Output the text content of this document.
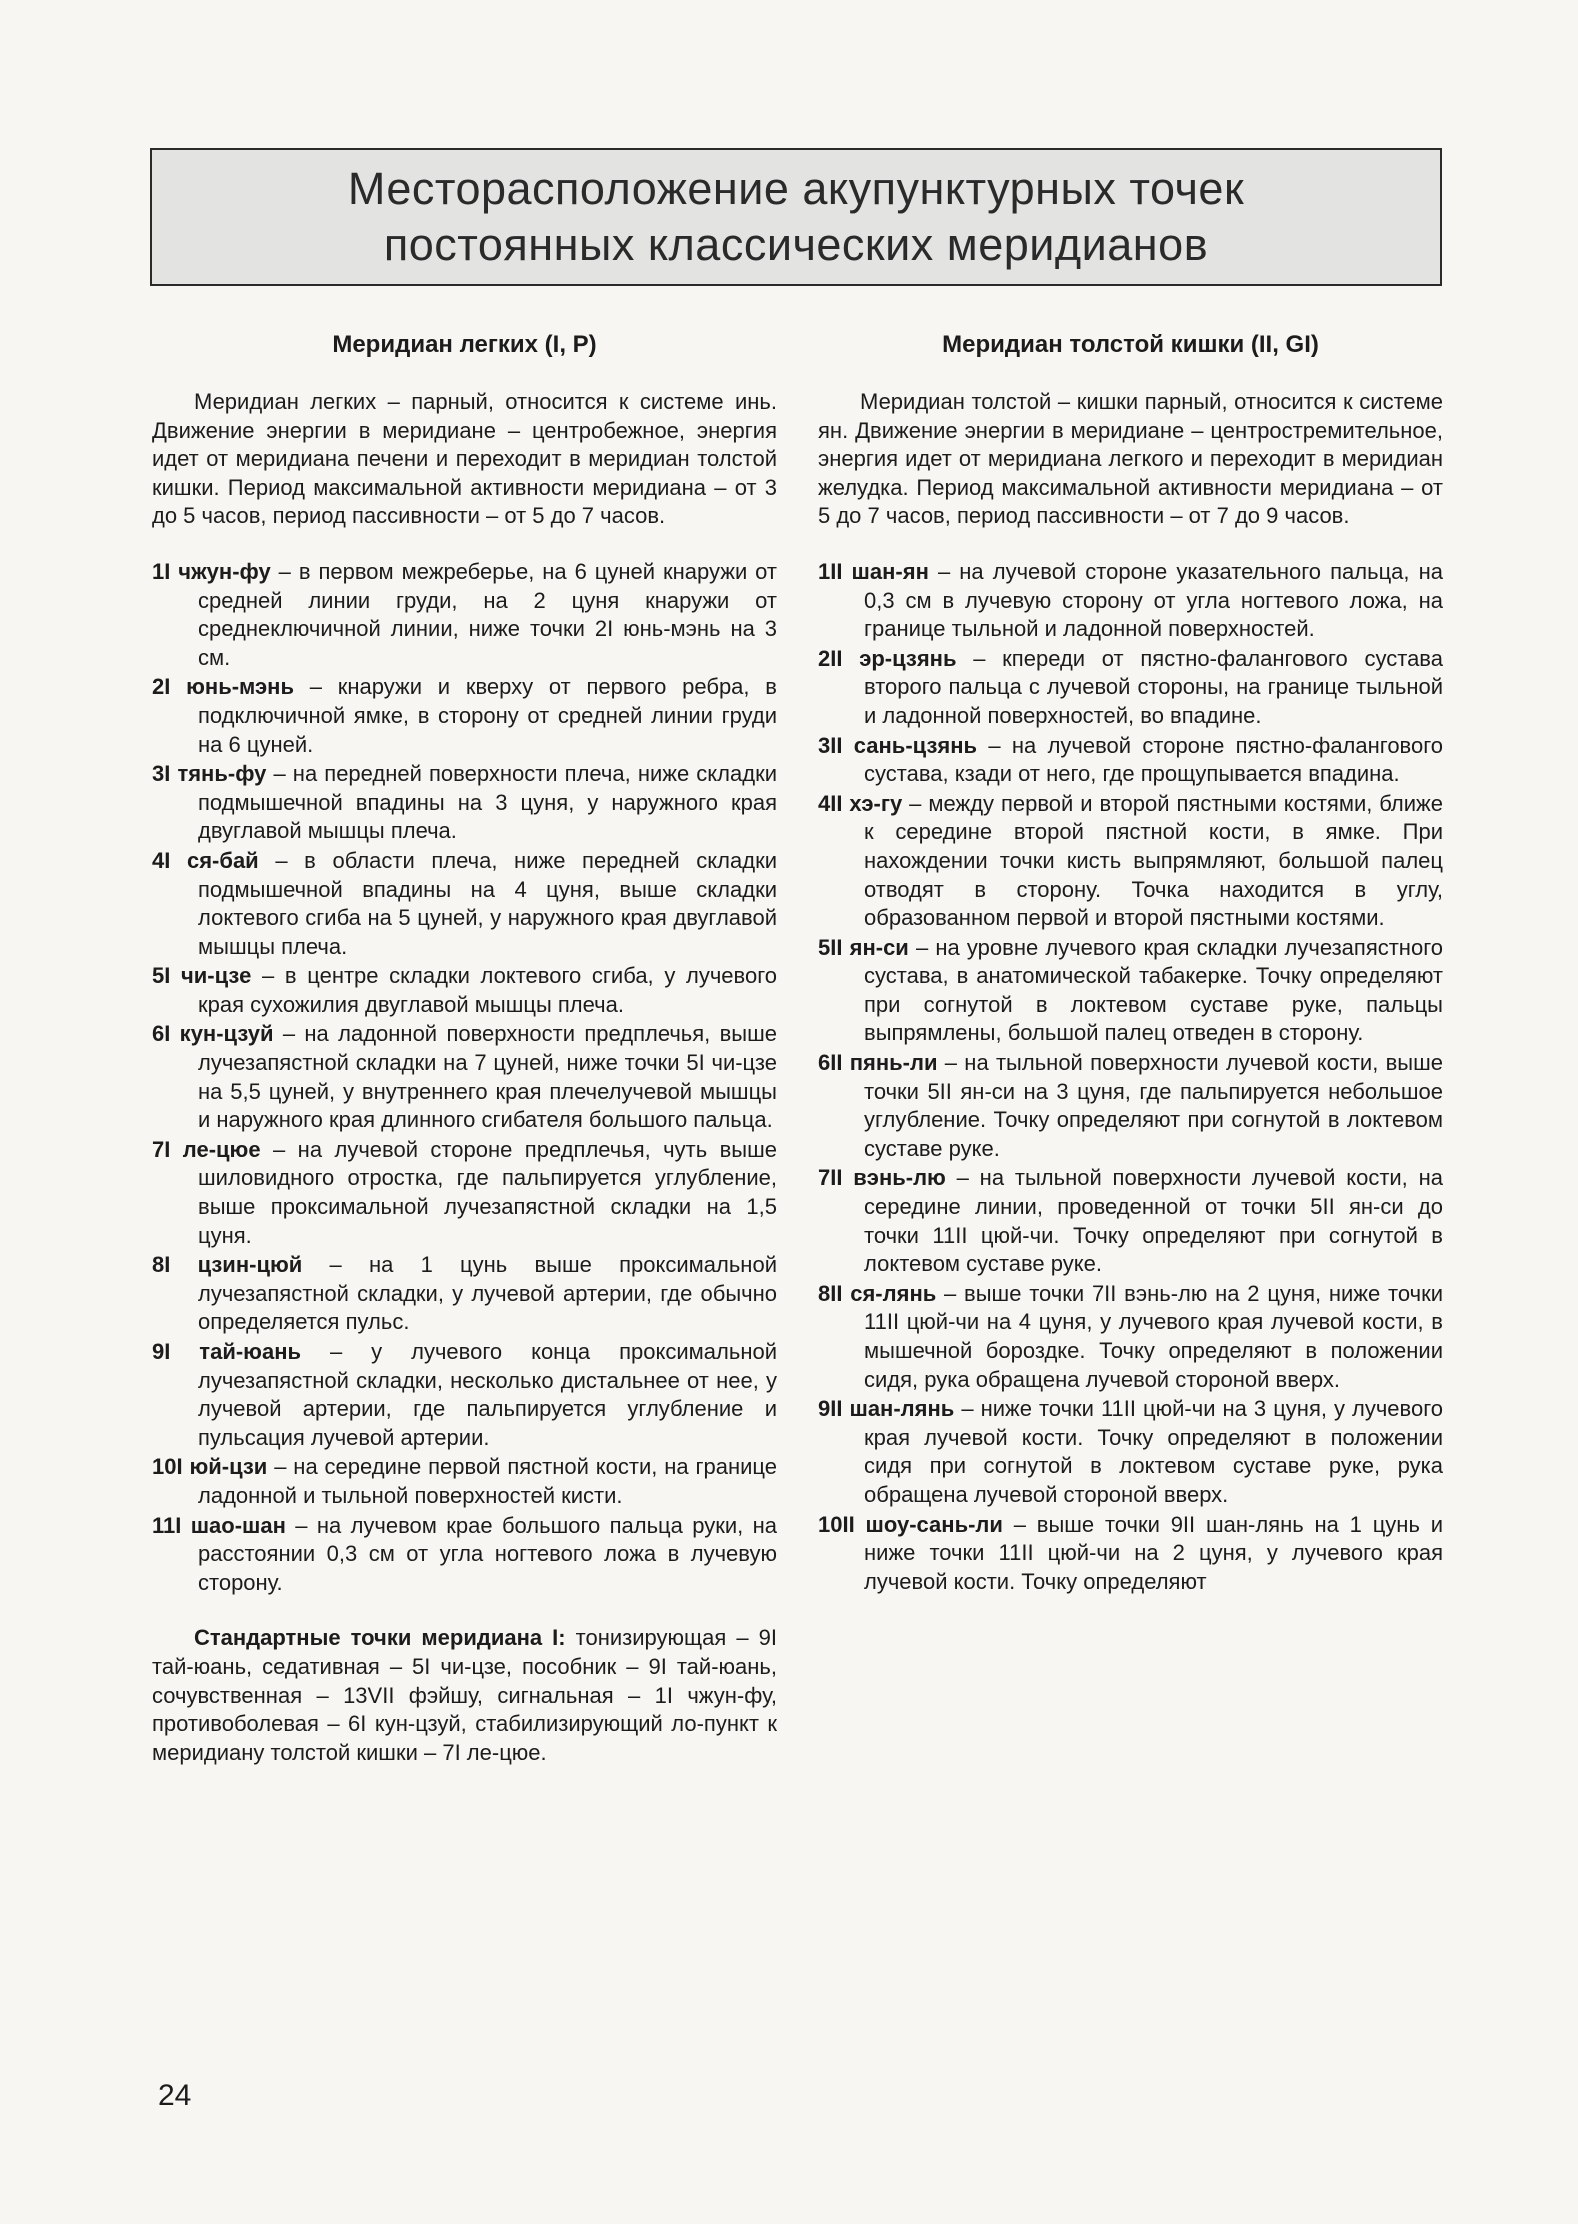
Месторасположение акупунктурных точек
постоянных классических меридианов
Меридиан легких (I, P)

Меридиан легких – парный, относится к системе инь. Движение энергии в меридиане – центробежное, энергия идет от меридиана печени и переходит в меридиан толстой кишки. Период максимальной активности меридиана – от 3 до 5 часов, период пассивности – от 5 до 7 часов.

1I чжун-фу – в первом межреберье, на 6 цуней кнаружи от средней линии груди, на 2 цуня кнаружи от среднеключичной линии, ниже точки 2I юнь-мэнь на 3 см.
2I юнь-мэнь – кнаружи и кверху от первого ребра, в подключичной ямке, в сторону от средней линии груди на 6 цуней.
3I тянь-фу – на передней поверхности плеча, ниже складки подмышечной впадины на 3 цуня, у наружного края двуглавой мышцы плеча.
4I ся-бай – в области плеча, ниже передней складки подмышечной впадины на 4 цуня, выше складки локтевого сгиба на 5 цуней, у наружного края двуглавой мышцы плеча.
5I чи-цзе – в центре складки локтевого сгиба, у лучевого края сухожилия двуглавой мышцы плеча.
6I кун-цзуй – на ладонной поверхности предплечья, выше лучезапястной складки на 7 цуней, ниже точки 5I чи-цзе на 5,5 цуней, у внутреннего края плечелучевой мышцы и наружного края длинного сгибателя большого пальца.
7I ле-цюе – на лучевой стороне предплечья, чуть выше шиловидного отростка, где пальпируется углубление, выше проксимальной лучезапястной складки на 1,5 цуня.
8I цзин-цюй – на 1 цунь выше проксимальной лучезапястной складки, у лучевой артерии, где обычно определяется пульс.
9I тай-юань – у лучевого конца проксимальной лучезапястной складки, несколько дистальнее от нее, у лучевой артерии, где пальпируется углубление и пульсация лучевой артерии.
10I юй-цзи – на середине первой пястной кости, на границе ладонной и тыльной поверхностей кисти.
11I шао-шан – на лучевом крае большого пальца руки, на расстоянии 0,3 см от угла ногтевого ложа в лучевую сторону.

Стандартные точки меридиана I: тонизирующая – 9I тай-юань, седативная – 5I чи-цзе, пособник – 9I тай-юань, сочувственная – 13VII фэйшу, сигнальная – 1I чжун-фу, противоболевая – 6I кун-цзуй, стабилизирующий ло-пункт к меридиану толстой кишки – 7I ле-цюе.

Меридиан толстой кишки (II, GI)

Меридиан толстой – кишки парный, относится к системе ян. Движение энергии в меридиане – центростремительное, энергия идет от меридиана легкого и переходит в меридиан желудка. Период максимальной активности меридиана – от 5 до 7 часов, период пассивности – от 7 до 9 часов.

1II шан-ян – на лучевой стороне указательного пальца, на 0,3 см в лучевую сторону от угла ногтевого ложа, на границе тыльной и ладонной поверхностей.
2II эр-цзянь – кпереди от пястно-фалангового сустава второго пальца с лучевой стороны, на границе тыльной и ладонной поверхностей, во впадине.
3II сань-цзянь – на лучевой стороне пястно-фалангового сустава, кзади от него, где прощупывается впадина.
4II хэ-гу – между первой и второй пястными костями, ближе к середине второй пястной кости, в ямке. При нахождении точки кисть выпрямляют, большой палец отводят в сторону. Точка находится в углу, образованном первой и второй пястными костями.
5II ян-си – на уровне лучевого края складки лучезапястного сустава, в анатомической табакерке. Точку определяют при согнутой в локтевом суставе руке, пальцы выпрямлены, большой палец отведен в сторону.
6II пянь-ли – на тыльной поверхности лучевой кости, выше точки 5II ян-си на 3 цуня, где пальпируется небольшое углубление. Точку определяют при согнутой в локтевом суставе руке.
7II вэнь-лю – на тыльной поверхности лучевой кости, на середине линии, проведенной от точки 5II ян-си до точки 11II цюй-чи. Точку определяют при согнутой в локтевом суставе руке.
8II ся-лянь – выше точки 7II вэнь-лю на 2 цуня, ниже точки 11II цюй-чи на 4 цуня, у лучевого края лучевой кости, в мышечной бороздке. Точку определяют в положении сидя, рука обращена лучевой стороной вверх.
9II шан-лянь – ниже точки 11II цюй-чи на 3 цуня, у лучевого края лучевой кости. Точку определяют в положении сидя при согнутой в локтевом суставе руке, рука обращена лучевой стороной вверх.
10II шоу-сань-ли – выше точки 9II шан-лянь на 1 цунь и ниже точки 11II цюй-чи на 2 цуня, у лучевого края лучевой кости. Точку определяют
24
